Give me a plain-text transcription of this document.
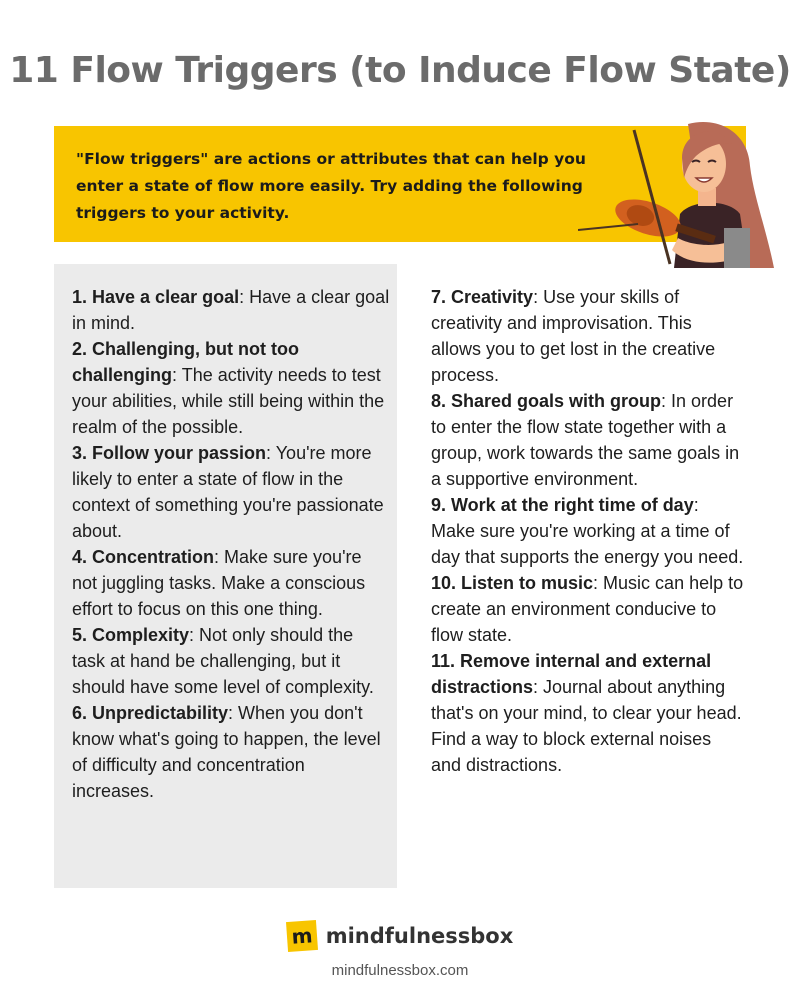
11 Flow Triggers (to Induce Flow State)

"Flow triggers" are actions or attributes that can help you enter a state of flow more easily. Try adding the following triggers to your activity.

1. Have a clear goal: Have a clear goal in mind.

2. Challenging, but not too challenging: The activity needs to test your abilities, while still being within the realm of the possible.

3. Follow your passion: You're more likely to enter a state of flow in the context of something you're passionate about.

4. Concentration: Make sure you're not juggling tasks. Make a conscious effort to focus on this one thing.

5. Complexity: Not only should the task at hand be challenging, but it should have some level of complexity.

6. Unpredictability: When you don't know what's going to happen, the level of difficulty and concentration increases.

7. Creativity: Use your skills of creativity and improvisation. This allows you to get lost in the creative process.

8. Shared goals with group: In order to enter the flow state together with a group, work towards the same goals in a supportive environment.

9. Work at the right time of day: Make sure you're working at a time of day that supports the energy you need.

10. Listen to music: Music can help to create an environment conducive to flow state.

11. Remove internal and external distractions: Journal about anything that's on your mind, to clear your head. Find a way to block external noises and distractions.

m mindfulnessbox
mindfulnessbox.com
